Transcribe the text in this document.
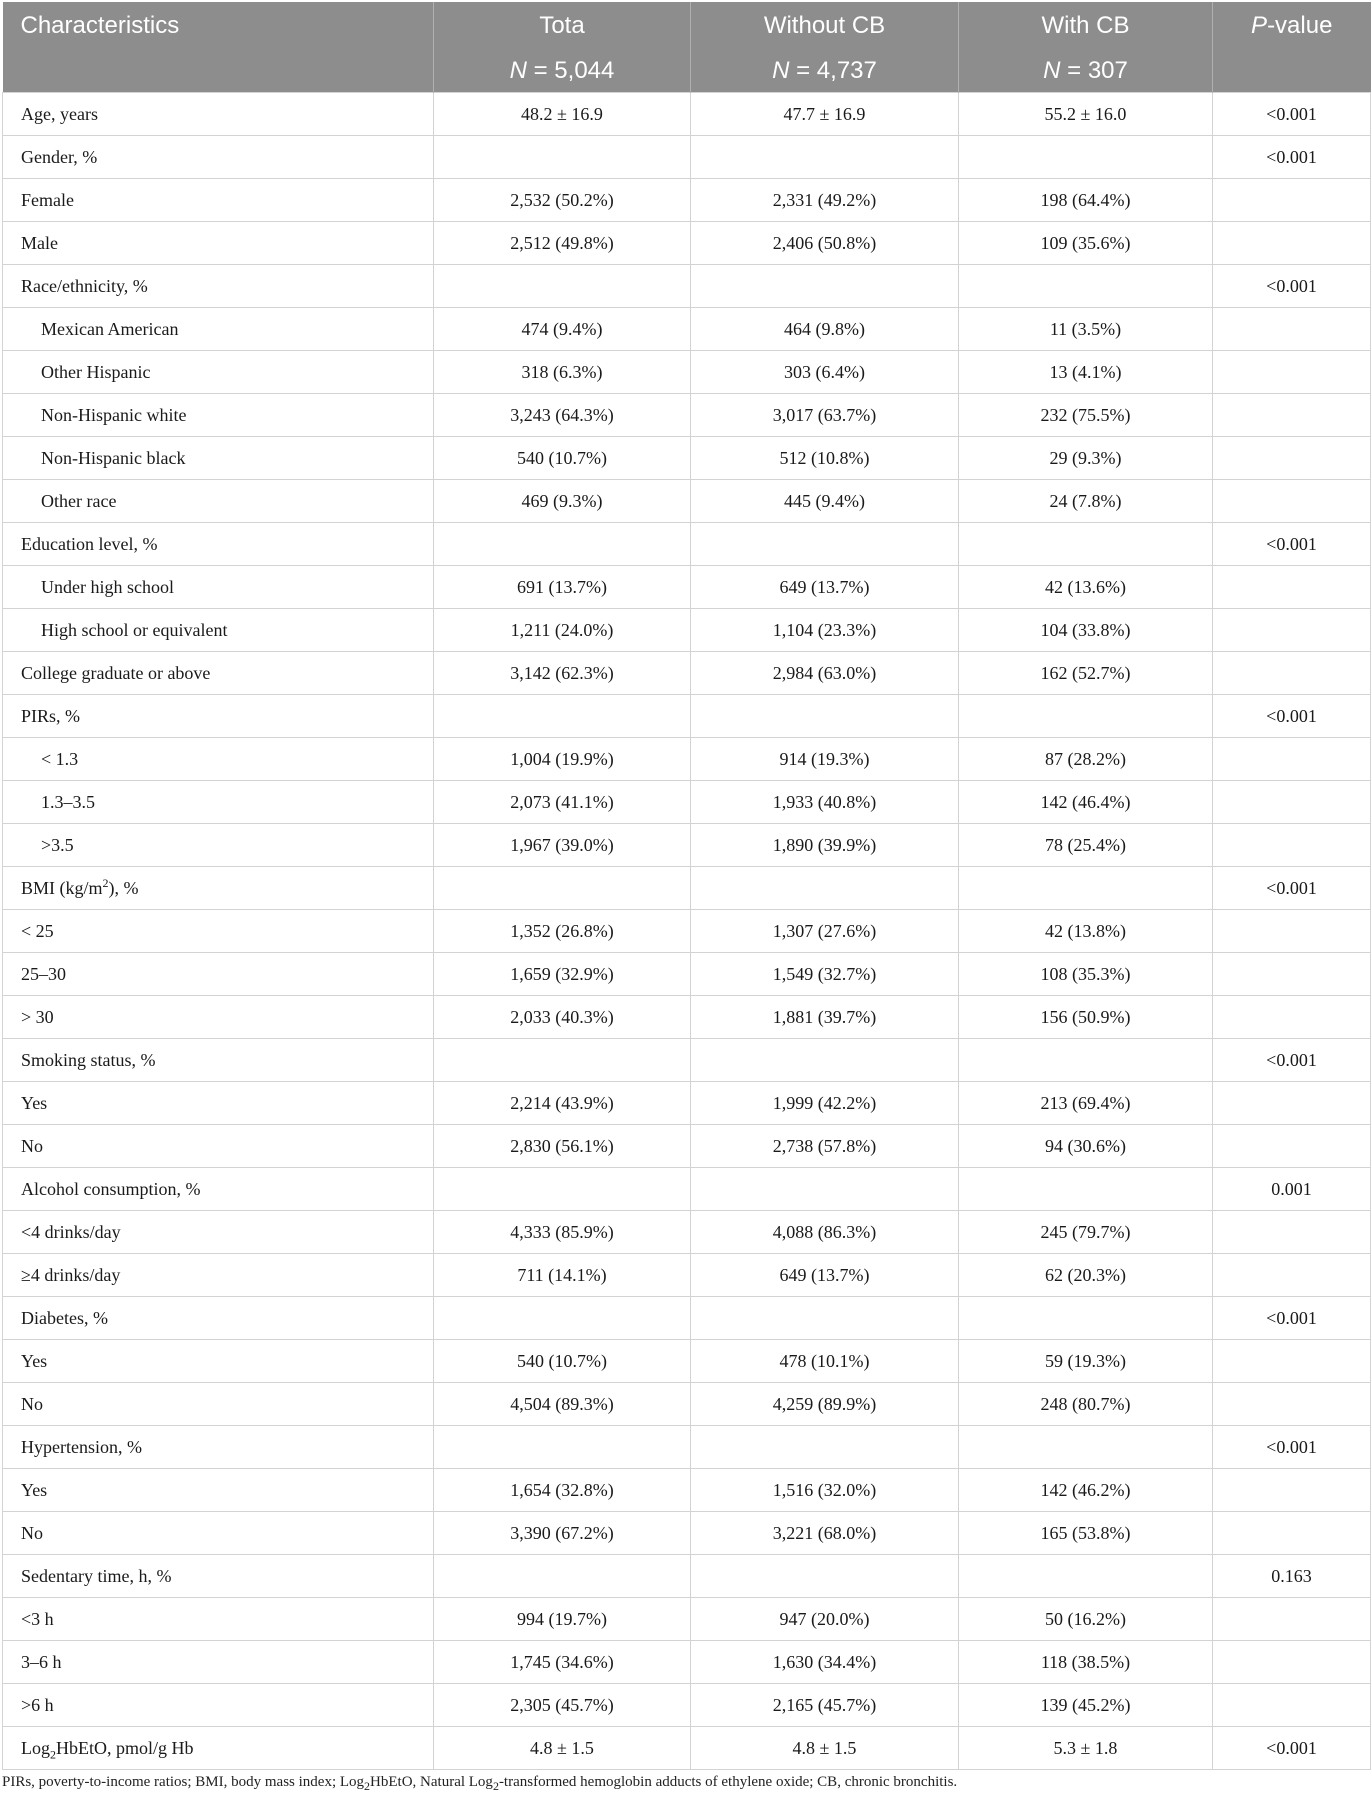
Characteristics	Tota	Without CB	With CB	P-value
	N = 5,044	N = 4,737	N = 307	
Age, years	48.2 ± 16.9	47.7 ± 16.9	55.2 ± 16.0	<0.001
Gender, %				<0.001
Female	2,532 (50.2%)	2,331 (49.2%)	198 (64.4%)	
Male	2,512 (49.8%)	2,406 (50.8%)	109 (35.6%)	
Race/ethnicity, %				<0.001
Mexican American	474 (9.4%)	464 (9.8%)	11 (3.5%)	
Other Hispanic	318 (6.3%)	303 (6.4%)	13 (4.1%)	
Non-Hispanic white	3,243 (64.3%)	3,017 (63.7%)	232 (75.5%)	
Non-Hispanic black	540 (10.7%)	512 (10.8%)	29 (9.3%)	
Other race	469 (9.3%)	445 (9.4%)	24 (7.8%)	
Education level, %				<0.001
Under high school	691 (13.7%)	649 (13.7%)	42 (13.6%)	
High school or equivalent	1,211 (24.0%)	1,104 (23.3%)	104 (33.8%)	
College graduate or above	3,142 (62.3%)	2,984 (63.0%)	162 (52.7%)	
PIRs, %				<0.001
< 1.3	1,004 (19.9%)	914 (19.3%)	87 (28.2%)	
1.3–3.5	2,073 (41.1%)	1,933 (40.8%)	142 (46.4%)	
>3.5	1,967 (39.0%)	1,890 (39.9%)	78 (25.4%)	
BMI $(kg/m^2)$, %				<0.001
< 25	1,352 (26.8%)	1,307 (27.6%)	42 (13.8%)	
25–30	1,659 (32.9%)	1,549 (32.7%)	108 (35.3%)	
> 30	2,033 (40.3%)	1,881 (39.7%)	156 (50.9%)	
Smoking status, %				<0.001
Yes	2,214 (43.9%)	1,999 (42.2%)	213 (69.4%)	
No	2,830 (56.1%)	2,738 (57.8%)	94 (30.6%)	
Alcohol consumption, %				0.001
<4 drinks/day	4,333 (85.9%)	4,088 (86.3%)	245 (79.7%)	
≥4 drinks/day	711 (14.1%)	649 (13.7%)	62 (20.3%)	
Diabetes, %				<0.001
Yes	540 (10.7%)	478 (10.1%)	59 (19.3%)	
No	4,504 (89.3%)	4,259 (89.9%)	248 (80.7%)	
Hypertension, %				<0.001
Yes	1,654 (32.8%)	1,516 (32.0%)	142 (46.2%)	
No	3,390 (67.2%)	3,221 (68.0%)	165 (53.8%)	
Sedentary time, h, %				0.163
<3 h	994 (19.7%)	947 (20.0%)	50 (16.2%)	
3–6 h	1,745 (34.6%)	1,630 (34.4%)	118 (38.5%)	
>6 h	2,305 (45.7%)	2,165 (45.7%)	139 (45.2%)	
Log$_2$HbEtO, pmol/g Hb	4.8 ± 1.5	4.8 ± 1.5	5.3 ± 1.8	<0.001
PIRs, poverty-to-income ratios; BMI, body mass index; Log$_2$HbEtO, Natural Log$_2$-transformed hemoglobin adducts of ethylene oxide; CB, chronic bronchitis.
